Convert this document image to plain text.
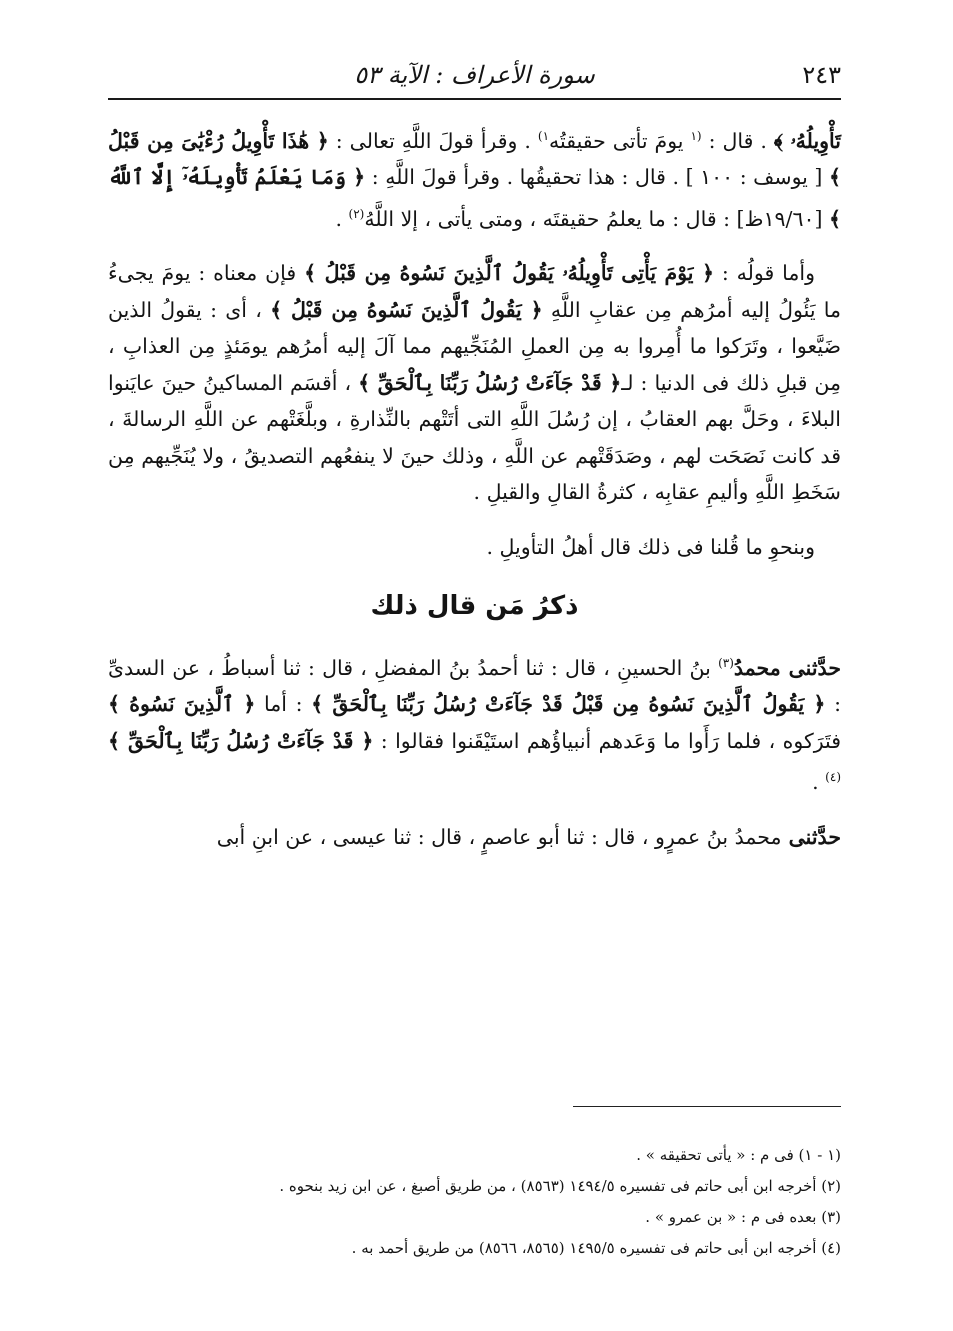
سورة الأعراف : الآية ٥٣	٢٤٣

تَأْوِيلُهُۥ ﴾ . قال : $^{(١}$ يومَ تأتى حقيقتُه$^{١)}$ . وقرأ قولَ اللَّهِ تعالى : ﴿ هَٰذَا تَأْوِيلُ رُءْيَٰىَ مِن قَبْلُ ﴾ [ يوسف : ١٠٠ ] . قال : هذا تحقيقُها . وقرأ قولَ اللَّهِ : ﴿ وَمَا يَعْلَمُ تَأْوِيلَهُۥٓ إِلَّا ٱللَّهُ ﴾ [١٩/٦٠ظ] : قال : ما يعلمُ حقيقتَه ، ومتى يأتى ، إلا اللَّهُ$^{(٢)}$ .

وأما قولُه : ﴿ يَوْمَ يَأْتِى تَأْوِيلُهُۥ يَقُولُ ٱلَّذِينَ نَسُوهُ مِن قَبْلُ ﴾ فإن معناه : يومَ يجىءُ ما يَئُولُ إليه أمرُهم مِن عقابِ اللَّهِ ﴿ يَقُولُ ٱلَّذِينَ نَسُوهُ مِن قَبْلُ ﴾ ، أى : يقولُ الذين ضَيَّعوا ، وتَرَكوا ما أُمِروا به مِن العملِ المُنَجِّيهم مما آلَ إليه أمرُهم يومَئذٍ مِن العذابِ ، مِن قبلِ ذلك فى الدنيا : لـ﴿ قَدْ جَآءَتْ رُسُلُ رَبِّنَا بِٱلْحَقِّ ﴾ ، أقسَم المساكينُ حينَ عايَنوا البلاءَ ، وحَلَّ بهم العقابُ ، إن رُسُلَ اللَّهِ التى أتَتْهم بالنِّذارةِ ، وبلَّغَتْهم عن اللَّهِ الرسالةَ ، قد كانت نَصَحَت لهم ، وصَدَقَتْهم عن اللَّهِ ، وذلك حينَ لا ينفعُهم التصديقُ ، ولا يُنَجِّيهم مِن سَخَطِ اللَّهِ وأليمِ عقابِه ، كثرةُ القالِ والقيلِ .

وبنحوِ ما قُلنا فى ذلك قال أهلُ التأويلِ .

ذكرُ مَن قال ذلك

حدَّثنى محمدُ$^{(٣)}$ بنُ الحسينِ ، قال : ثنا أحمدُ بنُ المفضلِ ، قال : ثنا أسباطُ ، عن السدىِّ : ﴿ يَقُولُ ٱلَّذِينَ نَسُوهُ مِن قَبْلُ قَدْ جَآءَتْ رُسُلُ رَبِّنَا بِٱلْحَقِّ ﴾ : أما ﴿ ٱلَّذِينَ نَسُوهُ ﴾ فتَرَكوه ، فلما رَأَوا ما وَعَدهم أنبياؤُهم استَيْقَنوا فقالوا : ﴿ قَدْ جَآءَتْ رُسُلُ رَبِّنَا بِٱلْحَقِّ ﴾$^{(٤)}$ .

حدَّثنى محمدُ بنُ عمرٍو ، قال : ثنا أبو عاصمٍ ، قال : ثنا عيسى ، عن ابنِ أبى

(١ - ١) فى م : « يأتى تحقيقه » .

(٢) أخرجه ابن أبى حاتم فى تفسيره ١٤٩٤/٥ (٨٥٦٣) ، من طريق أصبغ ، عن ابن زيد بنحوه .

(٣) بعده فى م : « بن عمرو » .

(٤) أخرجه ابن أبى حاتم فى تفسيره ١٤٩٥/٥ (٨٥٦٥، ٨٥٦٦) من طريق أحمد به .
